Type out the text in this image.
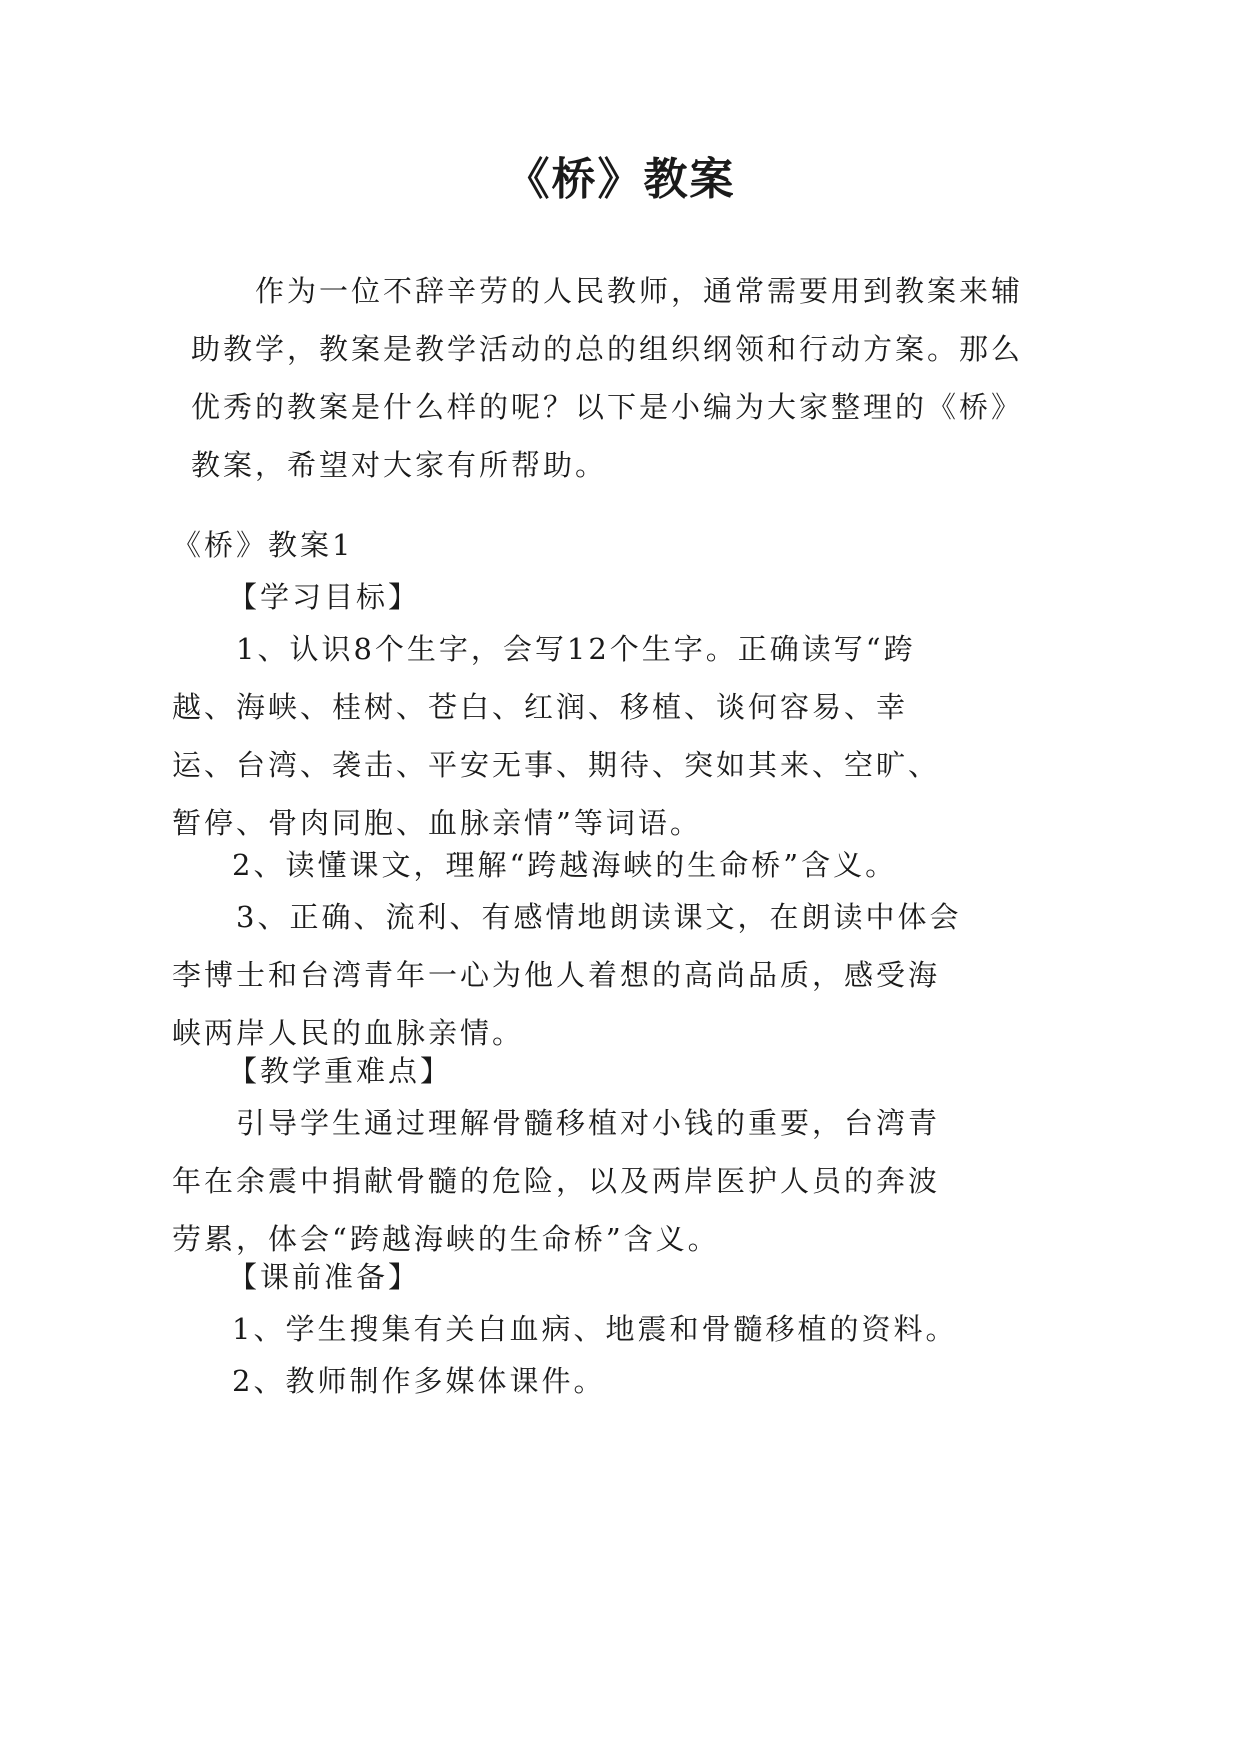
《桥》教案

作为一位不辞辛劳的人民教师，通常需要用到教案来辅助教学，教案是教学活动的总的组织纲领和行动方案。那么优秀的教案是什么样的呢？以下是小编为大家整理的《桥》教案，希望对大家有所帮助。

《桥》教案1
【学习目标】

1、认识8个生字，会写12个生字。正确读写“跨越、海峡、桂树、苍白、红润、移植、谈何容易、幸运、台湾、袭击、平安无事、期待、突如其来、空旷、暂停、骨肉同胞、血脉亲情”等词语。

2、读懂课文，理解“跨越海峡的生命桥”含义。

3、正确、流利、有感情地朗读课文，在朗读中体会李博士和台湾青年一心为他人着想的高尚品质，感受海峡两岸人民的血脉亲情。

【教学重难点】

引导学生通过理解骨髓移植对小钱的重要，台湾青年在余震中捐献骨髓的危险，以及两岸医护人员的奔波劳累，体会“跨越海峡的生命桥”含义。

【课前准备】
1、学生搜集有关白血病、地震和骨髓移植的资料。
2、教师制作多媒体课件。
